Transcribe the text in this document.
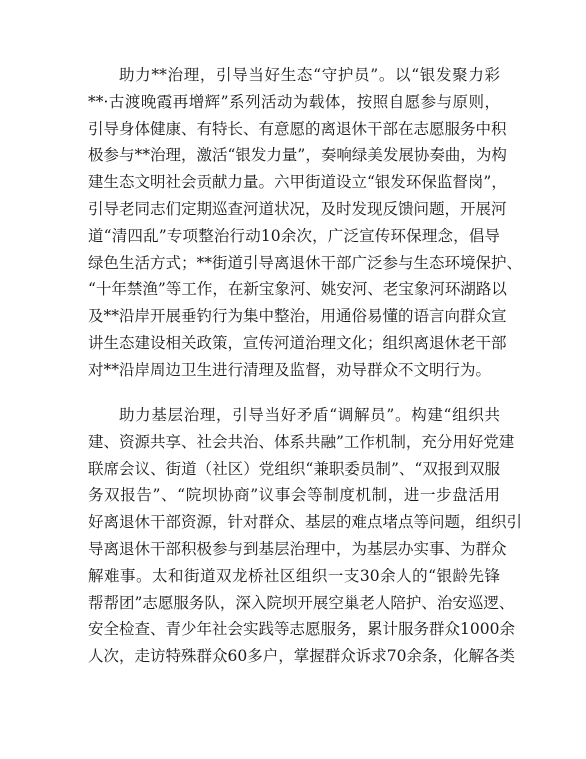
助力**治理，引导当好生态“守护员”。以“银发聚力彩
**·古渡晚霞再增辉”系列活动为载体，按照自愿参与原则，
引导身体健康、有特长、有意愿的离退休干部在志愿服务中积
极参与**治理，激活“银发力量”，奏响绿美发展协奏曲，为构
建生态文明社会贡献力量。六甲街道设立“银发环保监督岗”，
引导老同志们定期巡查河道状况，及时发现反馈问题，开展河
道“清四乱”专项整治行动10余次，广泛宣传环保理念，倡导
绿色生活方式；**街道引导离退休干部广泛参与生态环境保护、
“十年禁渔”等工作，在新宝象河、姚安河、老宝象河环湖路以
及**沿岸开展垂钓行为集中整治，用通俗易懂的语言向群众宣
讲生态建设相关政策，宣传河道治理文化；组织离退休老干部
对**沿岸周边卫生进行清理及监督，劝导群众不文明行为。
助力基层治理，引导当好矛盾“调解员”。构建“组织共
建、资源共享、社会共治、体系共融”工作机制，充分用好党建
联席会议、街道（社区）党组织“兼职委员制”、“双报到双服
务双报告”、“院坝协商”议事会等制度机制，进一步盘活用
好离退休干部资源，针对群众、基层的难点堵点等问题，组织引
导离退休干部积极参与到基层治理中，为基层办实事、为群众
解难事。太和街道双龙桥社区组织一支30余人的“银龄先锋
帮帮团”志愿服务队，深入院坝开展空巢老人陪护、治安巡逻、
安全检查、青少年社会实践等志愿服务，累计服务群众1000余
人次，走访特殊群众60多户，掌握群众诉求70余条，化解各类
